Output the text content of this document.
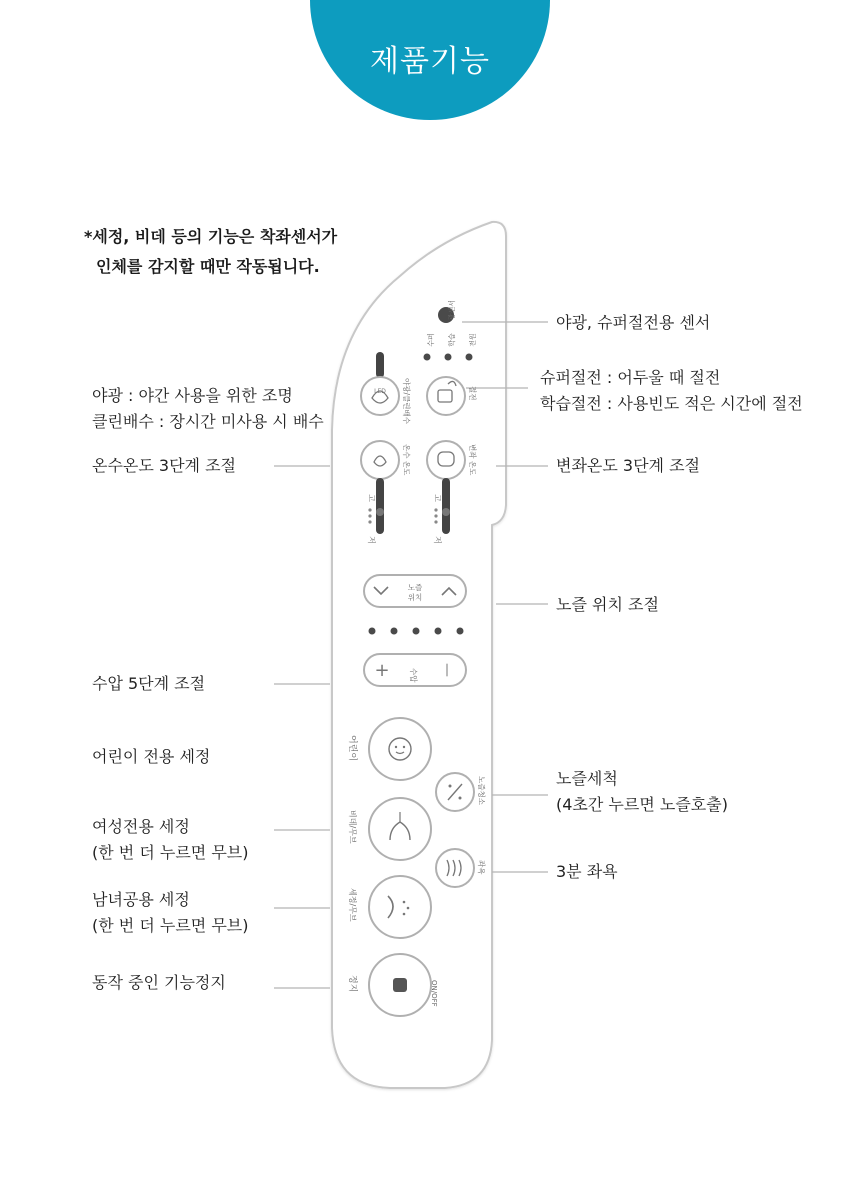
제품기능
*세정, 비데 등의 기능은 착좌센서가
인체를 감지할 때만 작동됩니다.
광센서
수퍼 학습 전원
LED 야광/클린배수	절전
온수 온도
고
저
변좌 온도
고
저
노즐
위치
+	—
수압
어린이
노즐청소
비데/무브
좌욕
세정/무브
정지	ON/OFF
야광 : 야간 사용을 위한 조명
클린배수 : 장시간 미사용 시 배수
온수온도 3단계 조절
수압 5단계 조절
어린이 전용 세정
여성전용 세정
(한 번 더 누르면 무브)
남녀공용 세정
(한 번 더 누르면 무브)
동작 중인 기능정지
야광, 슈퍼절전용 센서
슈퍼절전 : 어두울 때 절전
학습절전 : 사용빈도 적은 시간에 절전
변좌온도 3단계 조절
노즐 위치 조절
노즐세척
(4초간 누르면 노즐호출)
3분 좌욕
